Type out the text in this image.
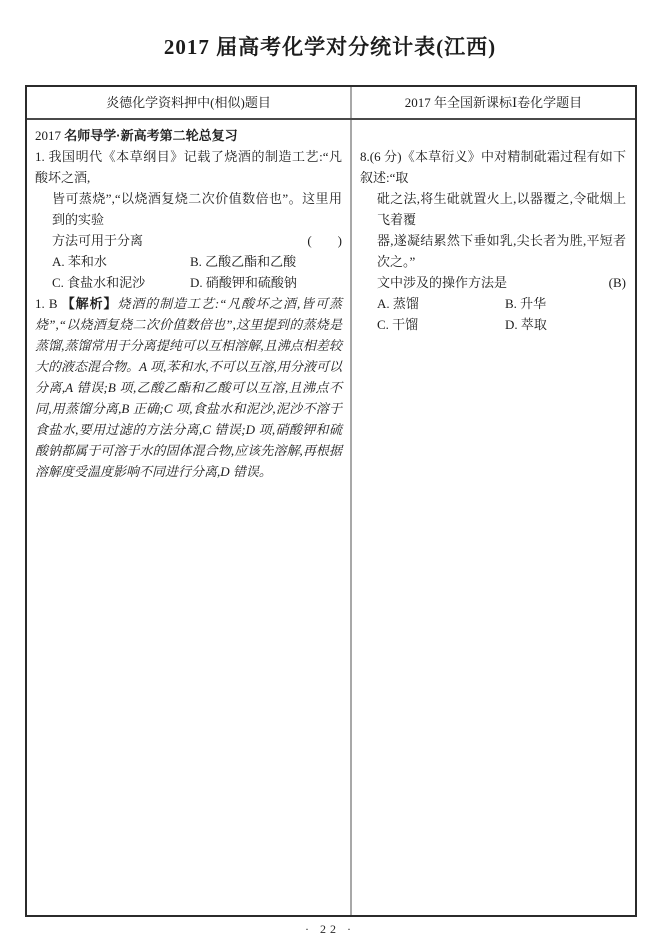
2017 届高考化学对分统计表(江西)
炎德化学资料押中(相似)题目	2017 年全国新课标Ⅰ卷化学题目
2017 名师导学·新高考第二轮总复习
1. 我国明代《本草纲目》记载了烧酒的制造工艺:“凡酸坏之酒,
皆可蒸烧”,“以烧酒复烧二次价值数倍也”。这里用到的实验
方法可用于分离	(  )
A. 苯和水	B. 乙酸乙酯和乙酸
C. 食盐水和泥沙	D. 硝酸钾和硫酸钠
1. B 【解析】烧酒的制造工艺:“凡酸坏之酒,皆可蒸烧”,“以烧酒复烧二次价值数倍也”,这里提到的蒸烧是蒸馏,蒸馏常用于分离提纯可以互相溶解,且沸点相差较大的液态混合物。A 项,苯和水,不可以互溶,用分液可以分离,A 错误;B 项,乙酸乙酯和乙酸可以互溶,且沸点不同,用蒸馏分离,B 正确;C 项,食盐水和泥沙,泥沙不溶于食盐水,要用过滤的方法分离,C 错误;D 项,硝酸钾和硫酸钠都属于可溶于水的固体混合物,应该先溶解,再根据溶解度受温度影响不同进行分离,D 错误。
8.(6 分)《本草衍义》中对精制砒霜过程有如下叙述:“取
砒之法,将生砒就置火上,以器覆之,令砒烟上飞着覆
器,遂凝结累然下垂如乳,尖长者为胜,平短者次之。”
文中涉及的操作方法是	(B)
A. 蒸馏	B. 升华
C. 干馏	D. 萃取
· 22 ·
